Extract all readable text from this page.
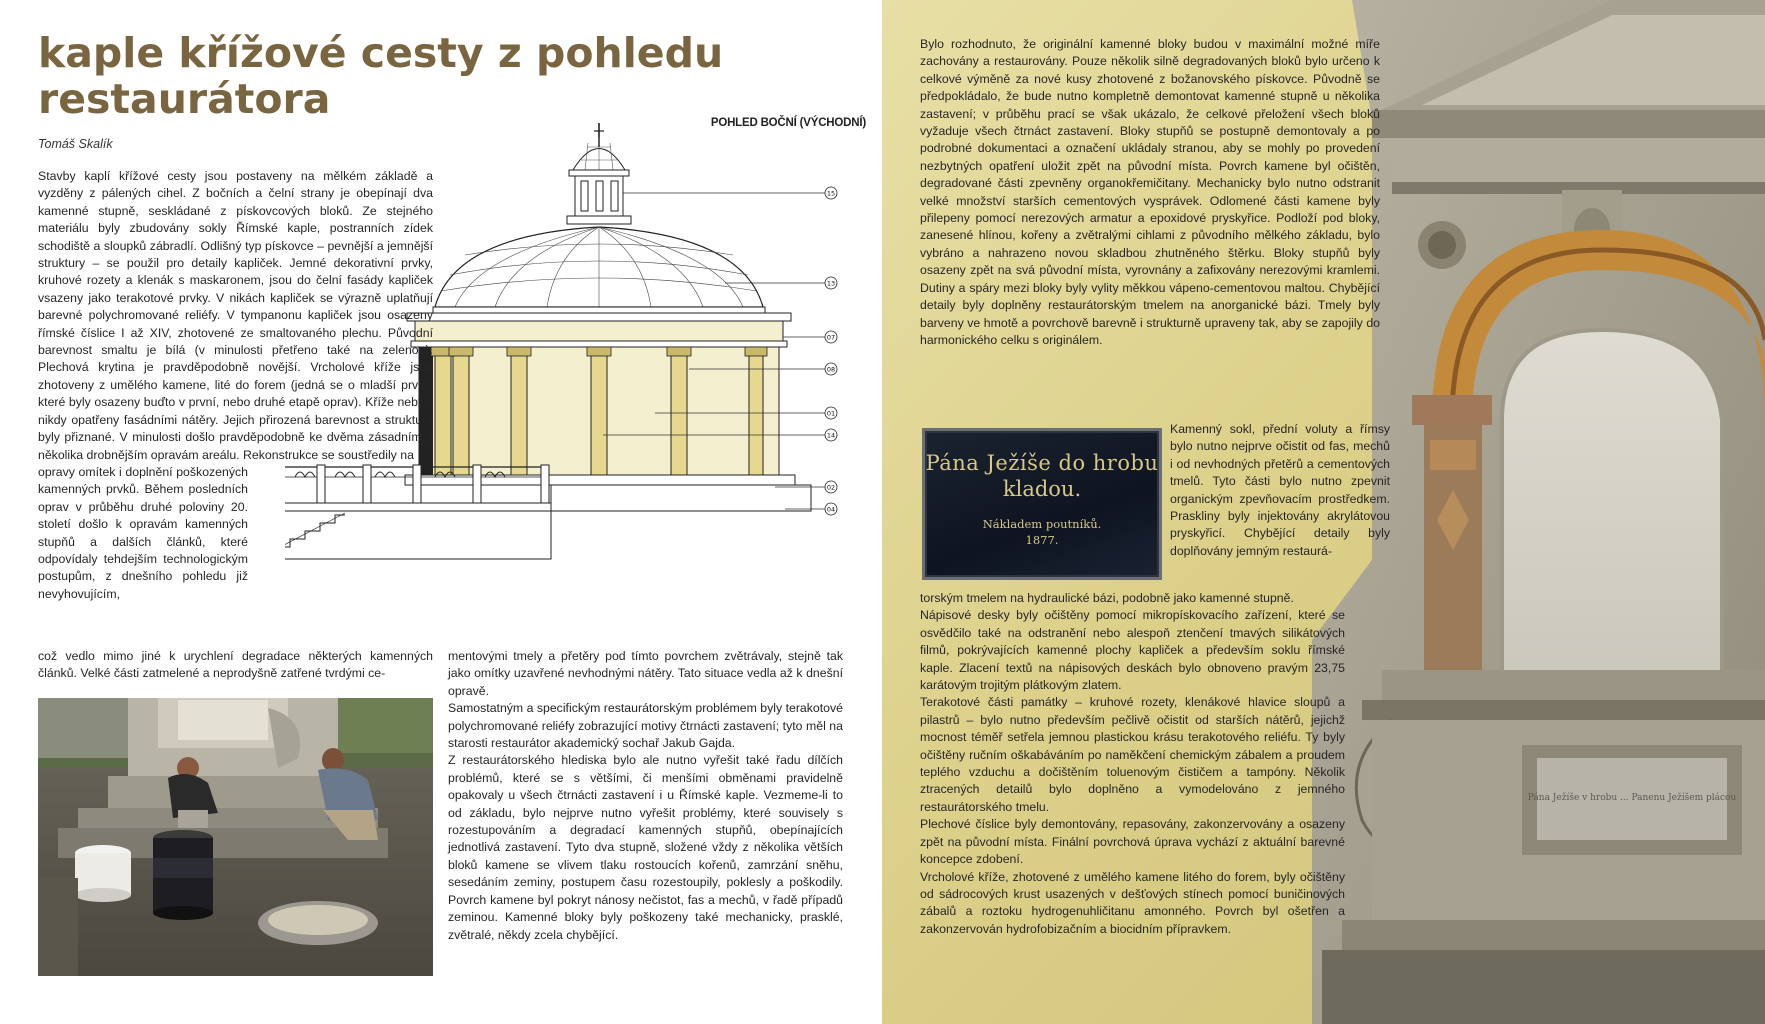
kaple křížové cesty z pohledu restaurátora
Tomáš Skalík
POHLED BOČNÍ (VÝCHODNÍ)
15
13
07
08
01
14
02
04

Stavby kaplí křížové cesty jsou postaveny na mělkém základě a vyzděny z pálených cihel. Z bočních a čelní strany je obepínají dva kamenné stupně, seskládané z pískovcových bloků. Ze stejného materiálu byly zbudovány sokly Římské kaple, postranních zídek schodiště a sloupků zábradlí. Odlišný typ pískovce – pevnější a jemnější struktury – se použil pro detaily kapliček. Jemné dekorativní prvky, kruhové rozety a klenák s maskaronem, jsou do čelní fasády kapliček vsazeny jako terakotové prvky. V nikách kapliček se výrazně uplatňují barevné polychromované reliéfy. V tympanonu kapliček jsou osazeny římské číslice I až XIV, zhotovené ze smaltovaného plechu. Původní barevnost smaltu je bílá (v minulosti přetřeno také na zelenou). Plechová krytina je pravděpodobně novější. Vrcholové kříže jsou zhotoveny z umělého kamene, lité do forem (jedná se o mladší prvky, které byly osazeny buďto v první, nebo druhé etapě oprav). Kříže nebyly nikdy opatřeny fasádními nátěry. Jejich přirozená barevnost a struktura byly přiznané. V minulosti došlo pravděpodobně ke dvěma zásadním a několika drobnějším opravám areálu. Rekonstrukce se soustředily na

opravy omítek i doplnění poškozených kamenných prvků. Během posledních oprav v průběhu druhé poloviny 20. století došlo k opravám kamenných stupňů a dalších článků, které odpovídaly tehdejším technologickým postupům, z dnešního pohledu již nevyhovujícím,

což vedlo mimo jiné k urychlení degradace některých kamenných článků. Velké části zatmelené a neprodyšně zatřené tvrdými ce-

mentovými tmely a přetěry pod tímto povrchem zvětrávaly, stejně tak jako omítky uzavřené nevhodnými nátěry. Tato situace vedla až k dnešní opravě.

Samostatným a specifickým restaurátorským problémem byly terakotové polychromované reliéfy zobrazující motivy čtrnácti zastavení; tyto měl na starosti restaurátor akademický sochař Jakub Gajda.

Z restaurátorského hlediska bylo ale nutno vyřešit také řadu dílčích problémů, které se s většími, či menšími obměnami pravidelně opakovaly u všech čtrnácti zastavení i u Římské kaple. Vezmeme-li to od základu, bylo nejprve nutno vyřešit problémy, které souvisely s rozestupováním a degradací kamenných stupňů, obepínajících jednotlivá zastavení. Tyto dva stupně, složené vždy z několika větších bloků kamene se vlivem tlaku rostoucích kořenů, zamrzání sněhu, sesedáním zeminy, postupem času rozestoupily, poklesly a poškodily. Povrch kamene byl pokryt nánosy nečistot, fas a mechů, v řadě případů zeminou. Kamenné bloky byly poškozeny také mechanicky, prasklé, zvětralé, někdy zcela chybějící.

Pána Ježíše v hrobu ... Panenu Ježíšem plácou

Bylo rozhodnuto, že originální kamenné bloky budou v maximální možné míře zachovány a restaurovány. Pouze několik silně degradovaných bloků bylo určeno k celkové výměně za nové kusy zhotovené z božanovského pískovce. Původně se předpokládalo, že bude nutno kompletně demontovat kamenné stupně u několika zastavení; v průběhu prací se však ukázalo, že celkové přeložení všech bloků vyžaduje všech čtrnáct zastavení. Bloky stupňů se postupně demontovaly a po podrobné dokumentaci a označení ukládaly stranou, aby se mohly po provedení nezbytných opatření uložit zpět na původní místa. Povrch kamene byl očištěn, degradované části zpevněny organokřemičitany. Mechanicky bylo nutno odstranit velké množství starších cementových vysprávek. Odlomené části kamene byly přilepeny pomocí nerezových armatur a epoxidové pryskyřice. Podloží pod bloky, zanesené hlínou, kořeny a zvětralými cihlami z původního mělkého základu, bylo vybráno a nahrazeno novou skladbou zhutněného štěrku. Bloky stupňů byly osazeny zpět na svá původní místa, vyrovnány a zafixovány nerezovými kramlemi. Dutiny a spáry mezi bloky byly vylity měkkou vápeno-cementovou maltou. Chybějící detaily byly doplněny restaurátorským tmelem na anorganické bázi. Tmely byly barveny ve hmotě a povrchově barevně i strukturně upraveny tak, aby se zapojily do harmonického celku s originálem.

Pána Ježíše do hrobu
kladou.
Nákladem poutníků.
1877.

Kamenný sokl, přední voluty a římsy bylo nutno nejprve očistit od fas, mechů i od nevhodných přetěrů a cementových tmelů. Tyto části bylo nutno zpevnit organickým zpevňovacím prostředkem. Praskliny byly injektovány akrylátovou pryskyřicí. Chybějící detaily byly doplňovány jemným restaurá-

torským tmelem na hydraulické bázi, podobně jako kamenné stupně.

Nápisové desky byly očištěny pomocí mikropískovacího zařízení, které se osvědčilo také na odstranění nebo alespoň ztenčení tmavých silikátových filmů, pokrývajících kamenné plochy kapliček a především soklu římské kaple. Zlacení textů na nápisových deskách bylo obnoveno pravým 23,75 karátovým trojitým plátkovým zlatem.

Terakotové části památky – kruhové rozety, klenákové hlavice sloupů a pilastrů – bylo nutno především pečlivě očistit od starších nátěrů, jejichž mocnost téměř setřela jemnou plastickou krásu terakotového reliéfu. Ty byly očištěny ručním oškabáváním po naměkčení chemickým zábalem a proudem teplého vzduchu a dočištěním toluenovým čističem a tampóny. Několik ztracených detailů bylo doplněno a vymodelováno z jemného restaurátorského tmelu.

Plechové číslice byly demontovány, repasovány, zakonzervovány a osazeny zpět na původní místa. Finální povrchová úprava vychází z aktuální barevné koncepce zdobení.

Vrcholové kříže, zhotovené z umělého kamene litého do forem, byly očištěny od sádrocových krust usazených v dešťových stínech pomocí buničinových zábalů a roztoku hydrogenuhličitanu amonného. Povrch byl ošetřen a zakonzervován hydrofobizačním a biocidním přípravkem.
